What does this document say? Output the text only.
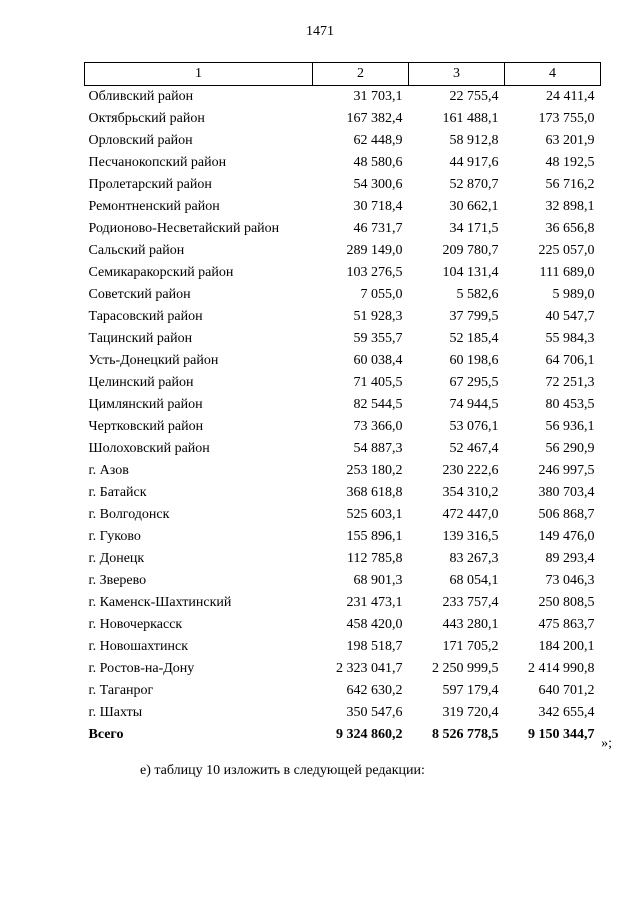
1471
1	2	3	4
Обливский район	31 703,1	22 755,4	24 411,4
Октябрьский район	167 382,4	161 488,1	173 755,0
Орловский район	62 448,9	58 912,8	63 201,9
Песчанокопский район	48 580,6	44 917,6	48 192,5
Пролетарский район	54 300,6	52 870,7	56 716,2
Ремонтненский район	30 718,4	30 662,1	32 898,1
Родионово-Несветайский район	46 731,7	34 171,5	36 656,8
Сальский район	289 149,0	209 780,7	225 057,0
Семикаракорский район	103 276,5	104 131,4	111 689,0
Советский район	7 055,0	5 582,6	5 989,0
Тарасовский район	51 928,3	37 799,5	40 547,7
Тацинский район	59 355,7	52 185,4	55 984,3
Усть-Донецкий район	60 038,4	60 198,6	64 706,1
Целинский район	71 405,5	67 295,5	72 251,3
Цимлянский район	82 544,5	74 944,5	80 453,5
Чертковский район	73 366,0	53 076,1	56 936,1
Шолоховский район	54 887,3	52 467,4	56 290,9
г. Азов	253 180,2	230 222,6	246 997,5
г. Батайск	368 618,8	354 310,2	380 703,4
г. Волгодонск	525 603,1	472 447,0	506 868,7
г. Гуково	155 896,1	139 316,5	149 476,0
г. Донецк	112 785,8	83 267,3	89 293,4
г. Зверево	68 901,3	68 054,1	73 046,3
г. Каменск-Шахтинский	231 473,1	233 757,4	250 808,5
г. Новочеркасск	458 420,0	443 280,1	475 863,7
г. Новошахтинск	198 518,7	171 705,2	184 200,1
г. Ростов-на-Дону	2 323 041,7	2 250 999,5	2 414 990,8
г. Таганрог	642 630,2	597 179,4	640 701,2
г. Шахты	350 547,6	319 720,4	342 655,4
Всего	9 324 860,2	8 526 778,5	9 150 344,7
»;
е) таблицу 10 изложить в следующей редакции:
